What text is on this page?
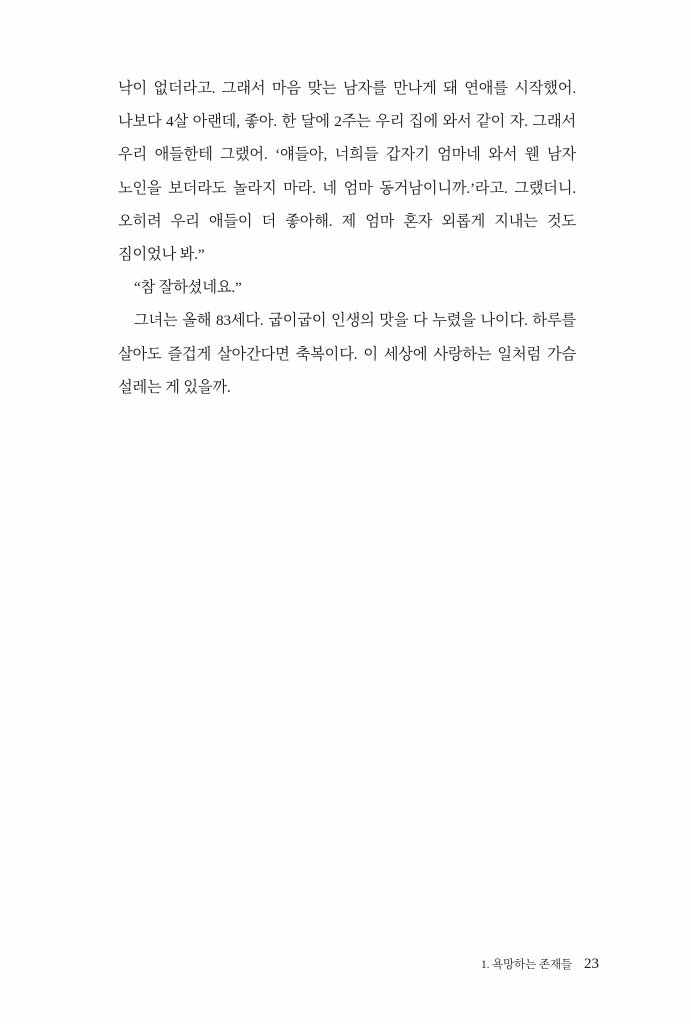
낙이 없더라고. 그래서 마음 맞는 남자를 만나게 돼 연애를 시작했어. 나보다 4살 아랜데, 좋아. 한 달에 2주는 우리 집에 와서 같이 자. 그래서 우리 애들한테 그랬어. ‘얘들아, 너희들 갑자기 엄마네 와서 웬 남자 노인을 보더라도 놀라지 마라. 네 엄마 동거남이니까.’라고. 그랬더니. 오히려 우리 애들이 더 좋아해. 제 엄마 혼자 외롭게 지내는 것도 짐이었나 봐.”

“참 잘하셨네요.”

그녀는 올해 83세다. 굽이굽이 인생의 맛을 다 누렸을 나이다. 하루를 살아도 즐겁게 살아간다면 축복이다. 이 세상에 사랑하는 일처럼 가슴 설레는 게 있을까.

1. 욕망하는 존재들 23
